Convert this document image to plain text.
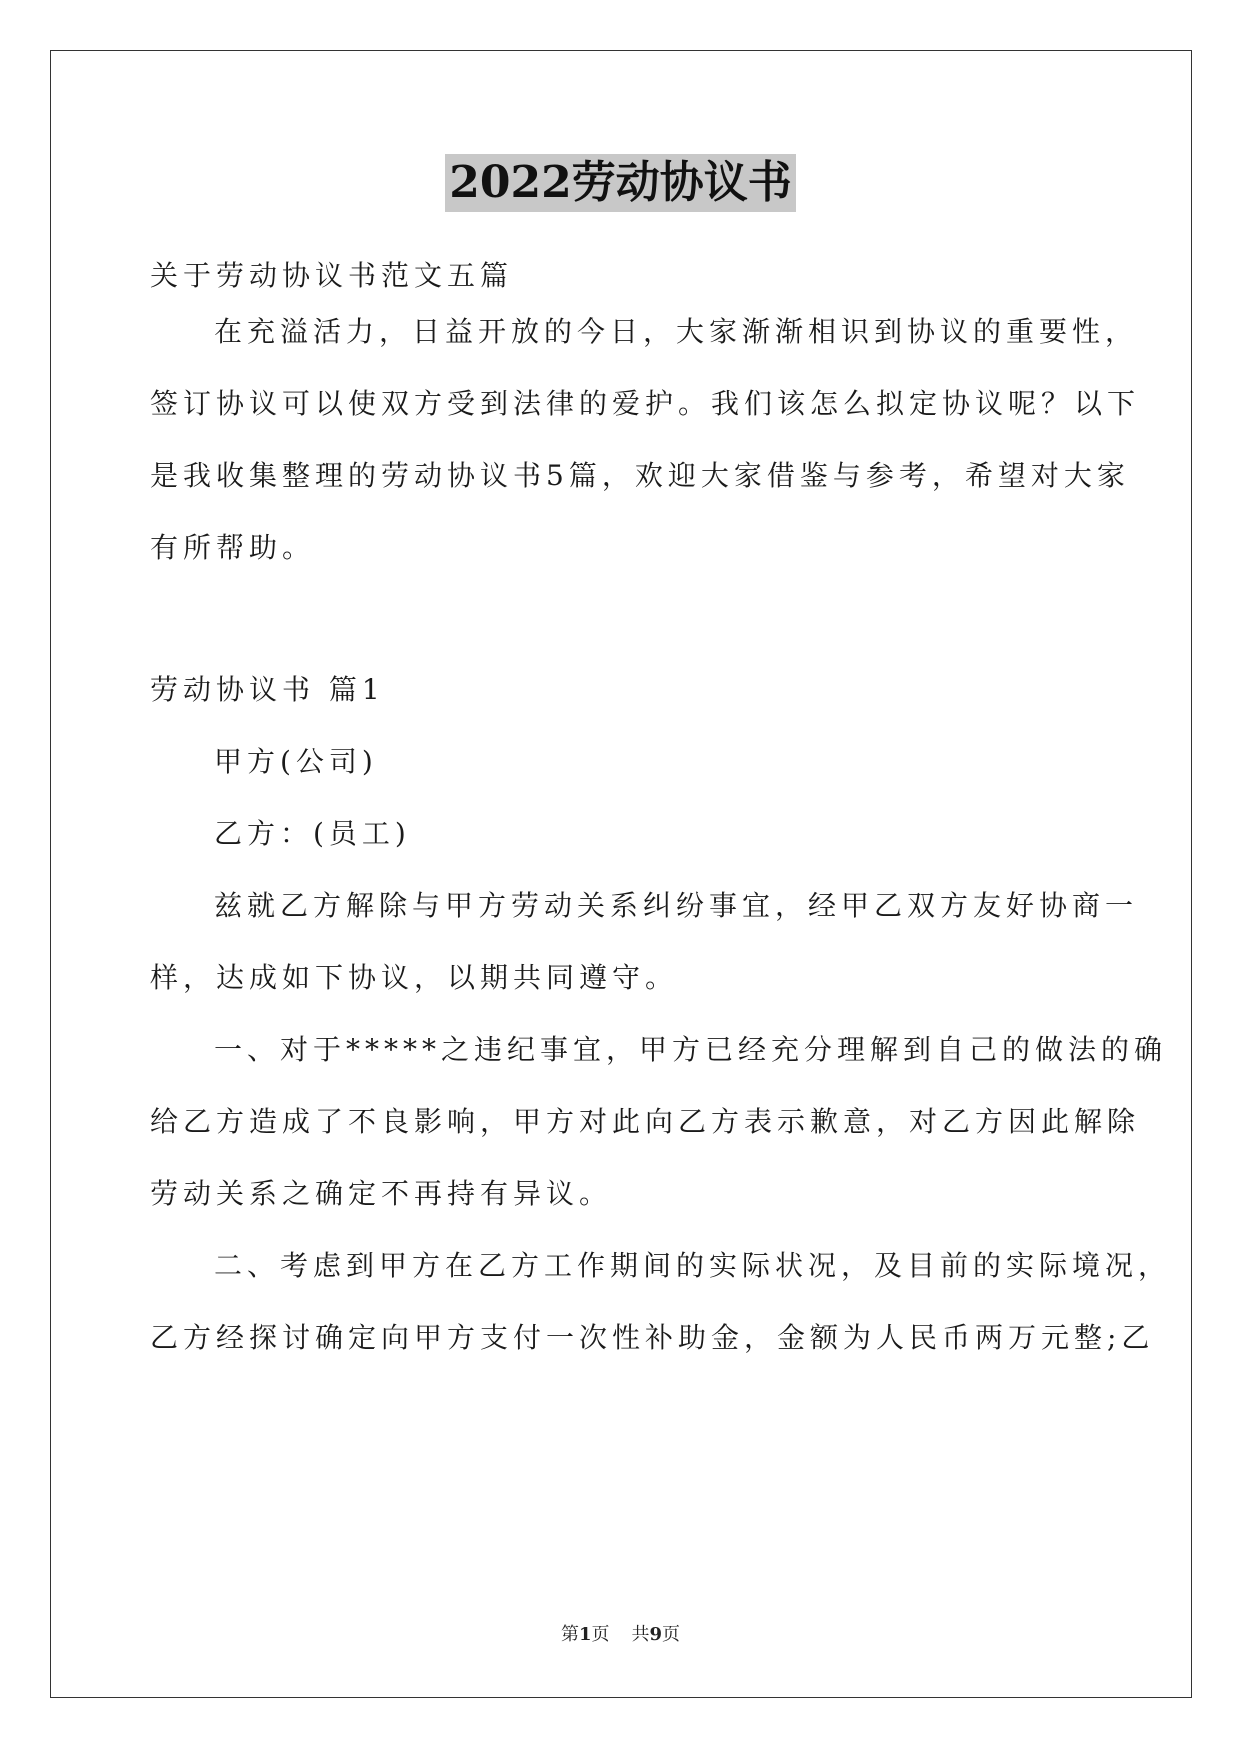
2022劳动协议书
关于劳动协议书范文五篇
在充溢活力，日益开放的今日，大家渐渐相识到协议的重要性，
签订协议可以使双方受到法律的爱护。我们该怎么拟定协议呢？以下
是我收集整理的劳动协议书5篇，欢迎大家借鉴与参考，希望对大家
有所帮助。
劳动协议书 篇1
甲方(公司)
乙方：(员工)
兹就乙方解除与甲方劳动关系纠纷事宜，经甲乙双方友好协商一
样，达成如下协议，以期共同遵守。
一、对于*****之违纪事宜，甲方已经充分理解到自己的做法的确
给乙方造成了不良影响，甲方对此向乙方表示歉意，对乙方因此解除
劳动关系之确定不再持有异议。
二、考虑到甲方在乙方工作期间的实际状况，及目前的实际境况，
乙方经探讨确定向甲方支付一次性补助金，金额为人民币两万元整;乙
第1页 共9页
